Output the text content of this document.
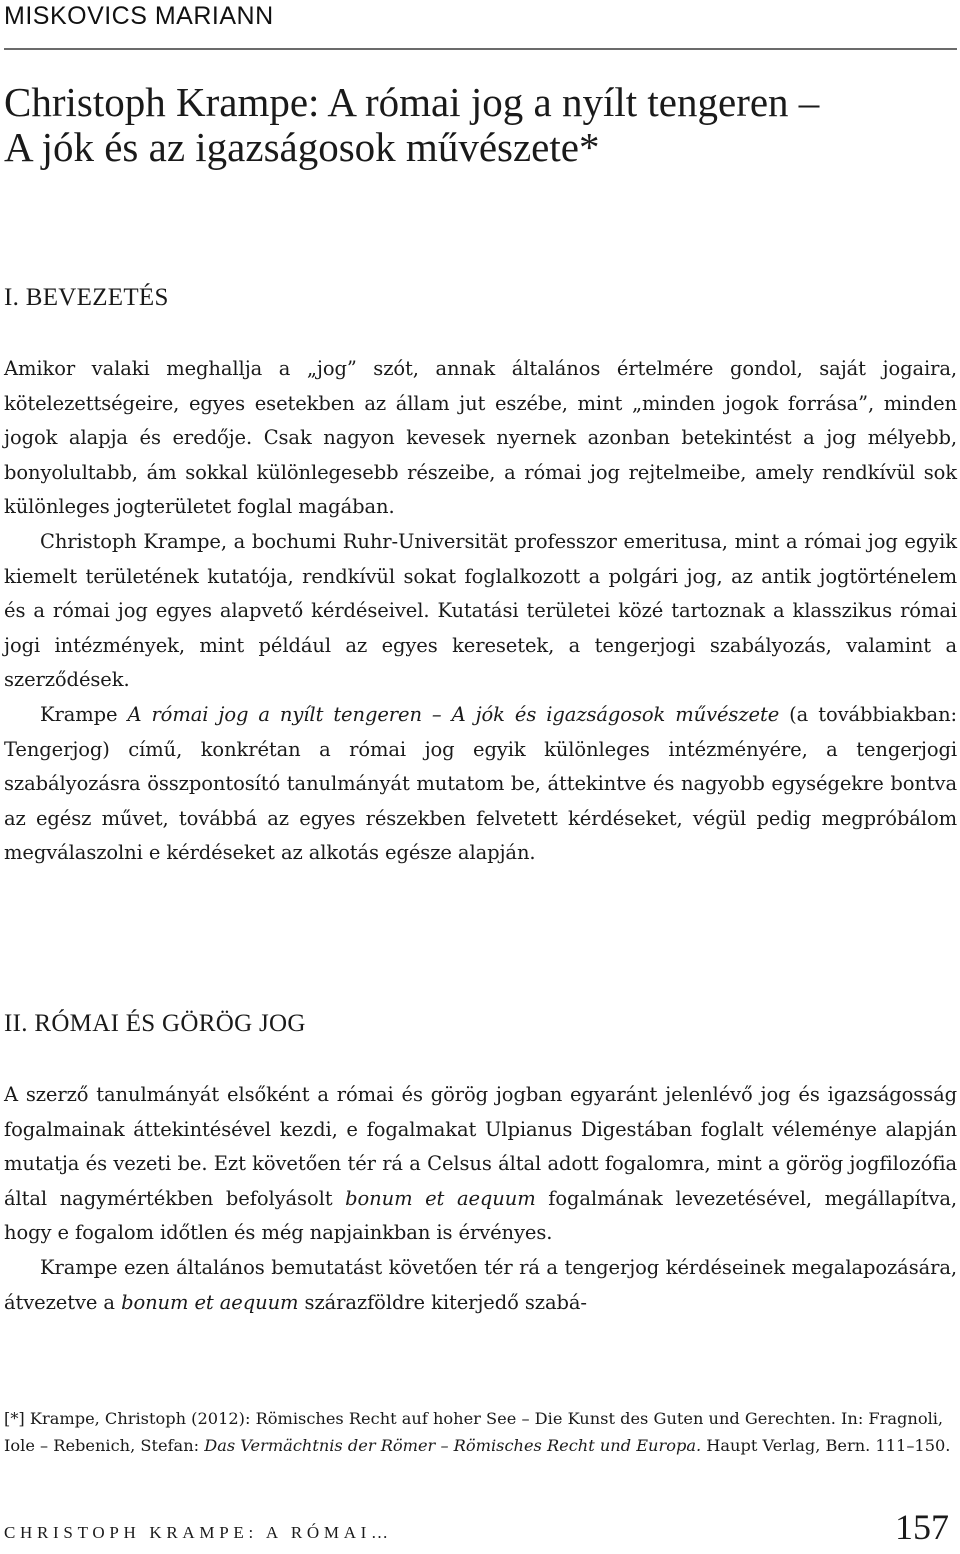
MISKOVICS MARIANN
Christoph Krampe: A római jog a nyílt tengeren –
A jók és az igazságosok művészete*
I. BEVEZETÉS

Amikor valaki meghallja a „jog” szót, annak általános értelmére gondol, saját jogaira, kötelezettségeire, egyes esetekben az állam jut eszébe, mint „minden jogok forrása”, minden jogok alapja és eredője. Csak nagyon kevesek nyernek azonban betekintést a jog mélyebb, bonyolultabb, ám sokkal különlegesebb részeibe, a római jog rejtelmeibe, amely rendkívül sok különleges jogterületet foglal magában.

Christoph Krampe, a bochumi Ruhr-Universität professzor emeritusa, mint a római jog egyik kiemelt területének kutatója, rendkívül sokat foglalkozott a polgári jog, az antik jogtörténelem és a római jog egyes alapvető kérdéseivel. Kutatási területei közé tartoznak a klasszikus római jogi intézmények, mint például az egyes keresetek, a tengerjogi szabályozás, valamint a szerződések.

Krampe A római jog a nyílt tengeren – A jók és igazságosok művészete (a továbbiakban: Tengerjog) című, konkrétan a római jog egyik különleges intézményére, a tengerjogi szabályozásra összpontosító tanulmányát mutatom be, áttekintve és nagyobb egységekre bontva az egész művet, továbbá az egyes részekben felvetett kérdéseket, végül pedig megpróbálom megválaszolni e kérdéseket az alkotás egésze alapján.

II. RÓMAI ÉS GÖRÖG JOG

A szerző tanulmányát elsőként a római és görög jogban egyaránt jelenlévő jog és igazságosság fogalmainak áttekintésével kezdi, e fogalmakat Ulpianus Digestában foglalt véleménye alapján mutatja és vezeti be. Ezt követően tér rá a Celsus által adott fogalomra, mint a görög jogfilozófia által nagymértékben befolyásolt bonum et aequum fogalmának levezetésével, megállapítva, hogy e fogalom időtlen és még napjainkban is érvényes.

Krampe ezen általános bemutatást követően tér rá a tengerjog kérdéseinek megalapozására, átvezetve a bonum et aequum szárazföldre kiterjedő szabá-

[*] Krampe, Christoph (2012): Römisches Recht auf hoher See – Die Kunst des Guten und Gerechten. In: Fragnoli, Iole – Rebenich, Stefan: Das Vermächtnis der Römer – Römisches Recht und Europa. Haupt Verlag, Bern. 111–150.
CHRISTOPH KRAMPE: A RÓMAI…	157
